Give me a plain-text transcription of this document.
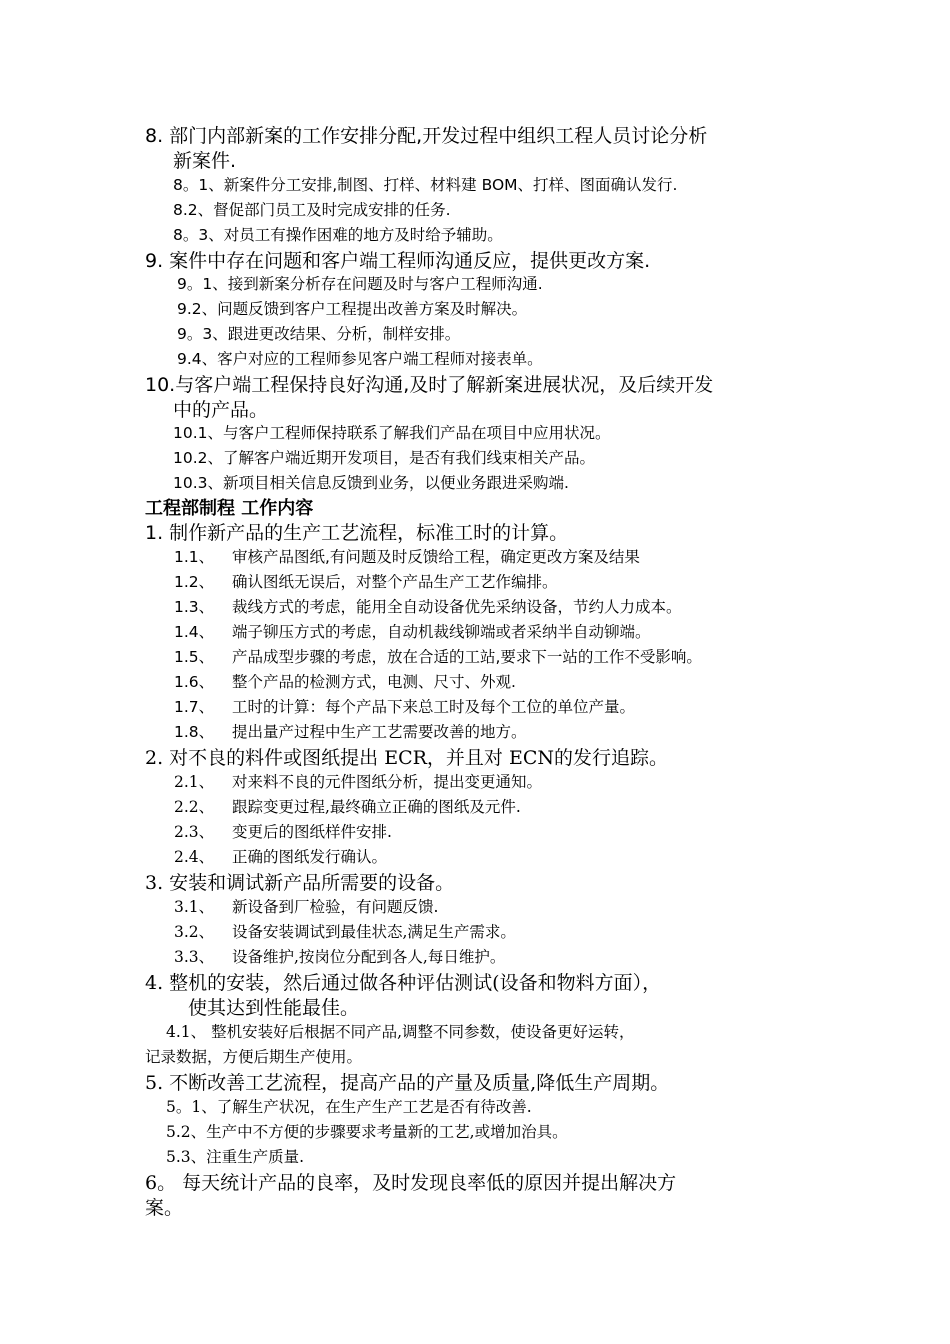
8. 部门内部新案的工作安排分配,开发过程中组织工程人员讨论分析
新案件.
8。1、新案件分工安排,制图、打样、材料建 BOM、打样、图面确认发行.
8.2、督促部门员工及时完成安排的任务.
8。3、对员工有操作困难的地方及时给予辅助。
9. 案件中存在问题和客户端工程师沟通反应，提供更改方案.
9。1、接到新案分析存在问题及时与客户工程师沟通.
9.2、问题反馈到客户工程提出改善方案及时解决。
9。3、跟进更改结果、分析，制样安排。
9.4、客户对应的工程师参见客户端工程师对接表单。
10.与客户端工程保持良好沟通,及时了解新案进展状况，及后续开发
中的产品。
10.1、与客户工程师保持联系了解我们产品在项目中应用状况。
10.2、了解客户端近期开发项目，是否有我们线束相关产品。
10.3、新项目相关信息反馈到业务，以便业务跟进采购端.
工程部制程 工作内容
1. 制作新产品的生产工艺流程，标准工时的计算。
1.1、 审核产品图纸,有问题及时反馈给工程，确定更改方案及结果
1.2、 确认图纸无误后，对整个产品生产工艺作编排。
1.3、 裁线方式的考虑，能用全自动设备优先采纳设备，节约人力成本。
1.4、 端子铆压方式的考虑，自动机裁线铆端或者采纳半自动铆端。
1.5、 产品成型步骤的考虑，放在合适的工站,要求下一站的工作不受影响。
1.6、 整个产品的检测方式，电测、尺寸、外观.
1.7、 工时的计算：每个产品下来总工时及每个工位的单位产量。
1.8、 提出量产过程中生产工艺需要改善的地方。
2. 对不良的料件或图纸提出 ECR，并且对 ECN的发行追踪。
2.1、 对来料不良的元件图纸分析，提出变更通知。
2.2、 跟踪变更过程,最终确立正确的图纸及元件.
2.3、 变更后的图纸样件安排.
2.4、 正确的图纸发行确认。
3. 安装和调试新产品所需要的设备。
3.1、 新设备到厂检验，有问题反馈.
3.2、 设备安装调试到最佳状态,满足生产需求。
3.3、 设备维护,按岗位分配到各人,每日维护。
4. 整机的安装，然后通过做各种评估测试(设备和物料方面），
使其达到性能最佳。
4.1、 整机安装好后根据不同产品,调整不同参数，使设备更好运转，
记录数据，方便后期生产使用。
5. 不断改善工艺流程，提高产品的产量及质量,降低生产周期。
5。1、了解生产状况，在生产生产工艺是否有待改善.
5.2、生产中不方便的步骤要求考量新的工艺,或增加治具。
5.3、注重生产质量.
6。 每天统计产品的良率，及时发现良率低的原因并提出解决方
案。
